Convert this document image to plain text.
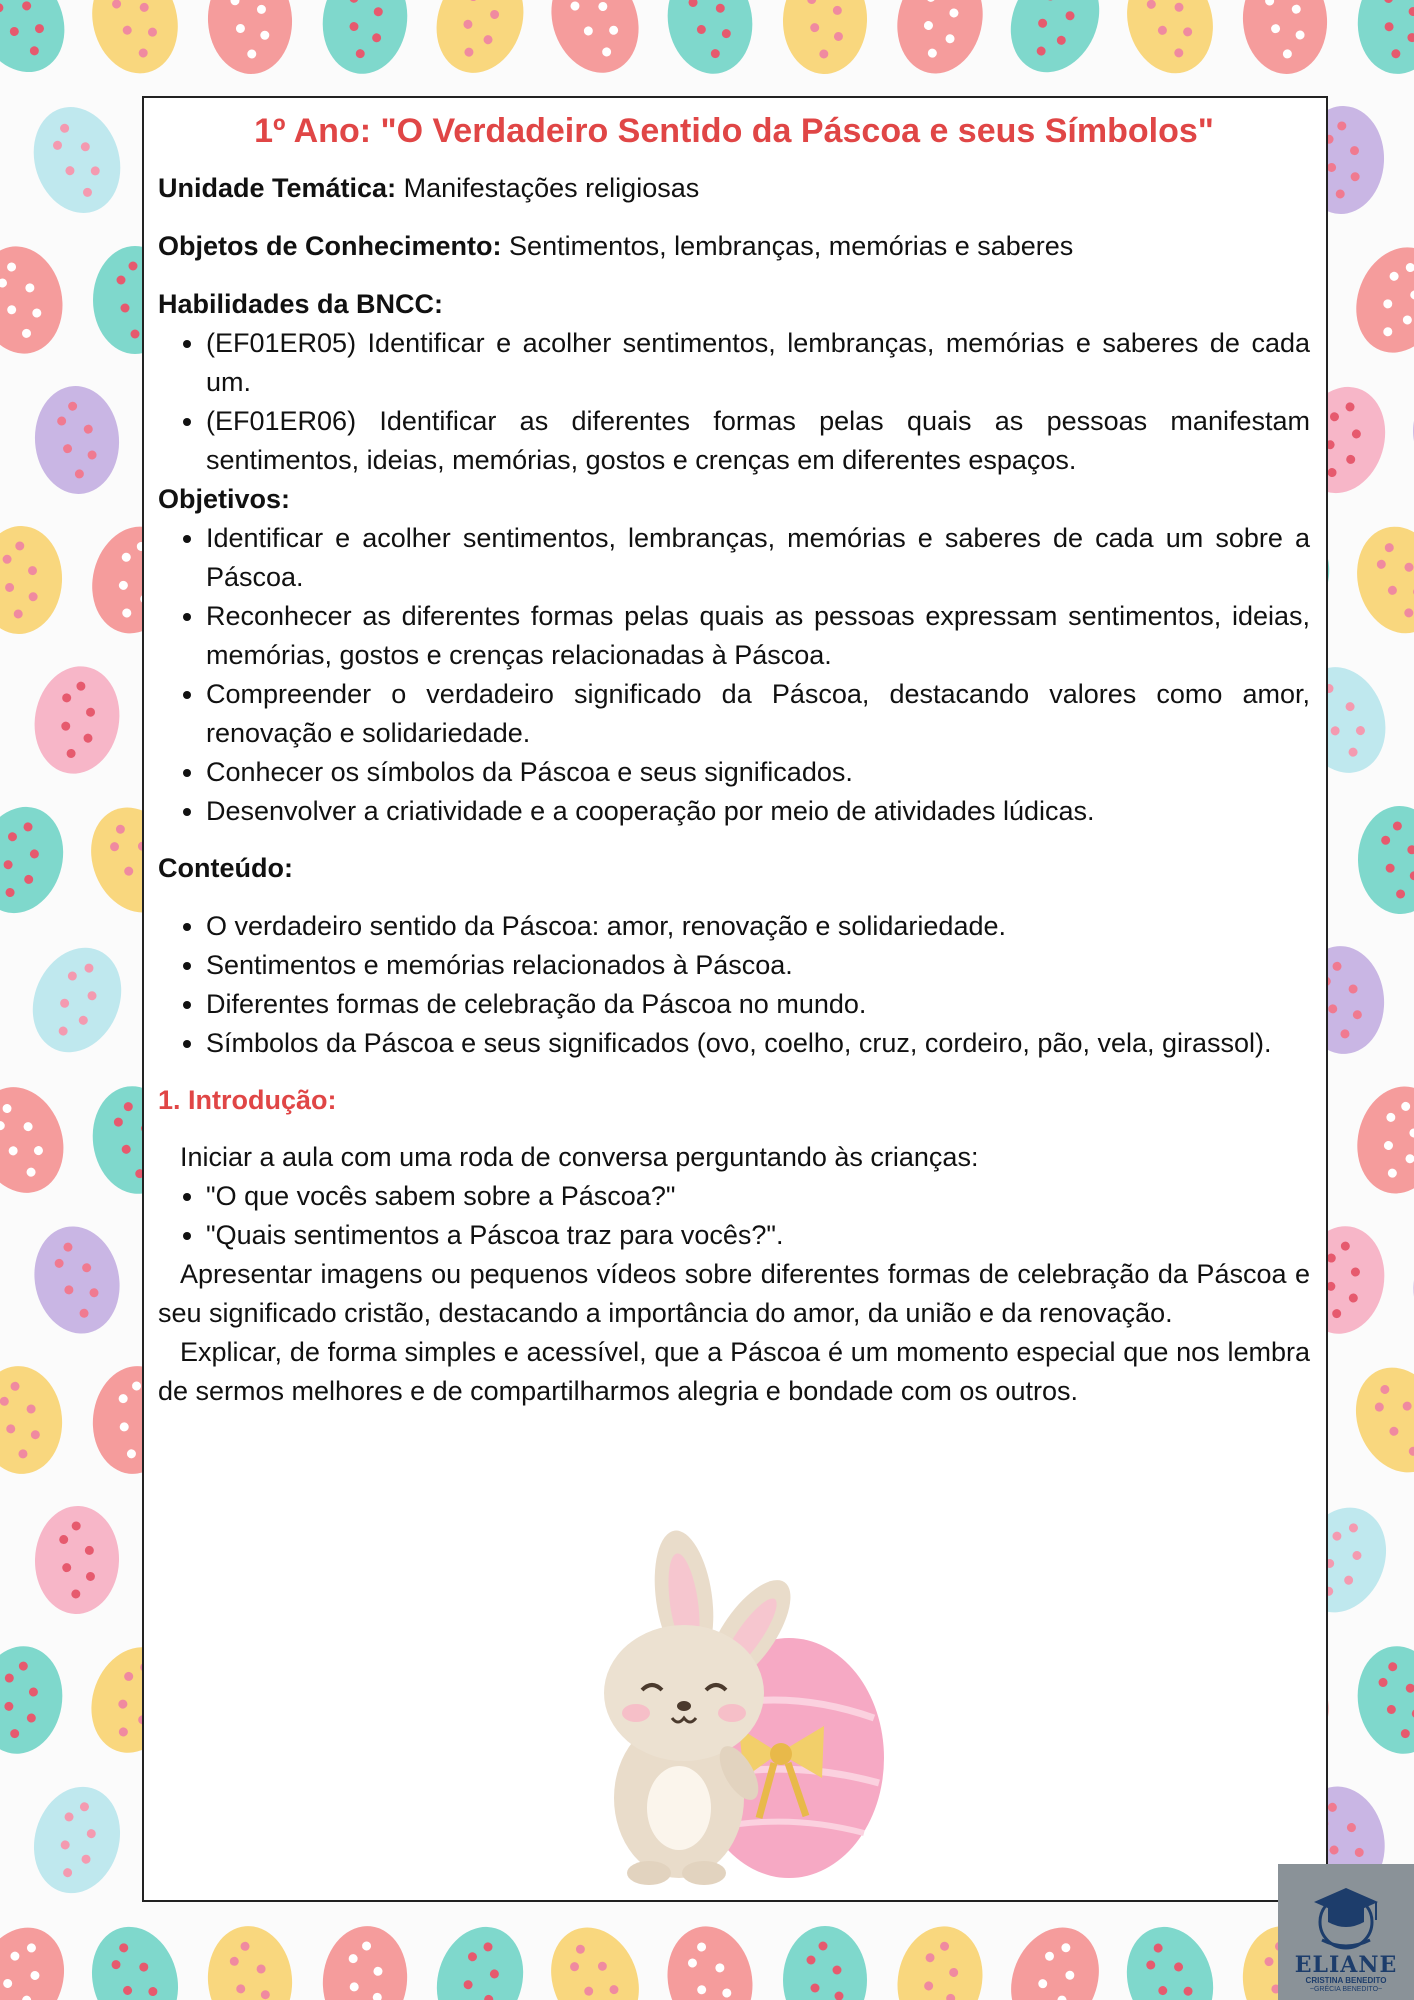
1º Ano: "O Verdadeiro Sentido da Páscoa e seus Símbolos"

Unidade Temática: Manifestações religiosas

Objetos de Conhecimento: Sentimentos, lembranças, memórias e saberes

Habilidades da BNCC:

• (EF01ER05) Identificar e acolher sentimentos, lembranças, memórias e saberes de cada um.
• (EF01ER06) Identificar as diferentes formas pelas quais as pessoas manifestam sentimentos, ideias, memórias, gostos e crenças em diferentes espaços.

Objetivos:

• Identificar e acolher sentimentos, lembranças, memórias e saberes de cada um sobre a Páscoa.
• Reconhecer as diferentes formas pelas quais as pessoas expressam sentimentos, ideias, memórias, gostos e crenças relacionadas à Páscoa.
• Compreender o verdadeiro significado da Páscoa, destacando valores como amor, renovação e solidariedade.
• Conhecer os símbolos da Páscoa e seus significados.
• Desenvolver a criatividade e a cooperação por meio de atividades lúdicas.

Conteúdo:

• O verdadeiro sentido da Páscoa: amor, renovação e solidariedade.
• Sentimentos e memórias relacionados à Páscoa.
• Diferentes formas de celebração da Páscoa no mundo.
• Símbolos da Páscoa e seus significados (ovo, coelho, cruz, cordeiro, pão, vela, girassol).

1. Introdução:

Iniciar a aula com uma roda de conversa perguntando às crianças:

• "O que vocês sabem sobre a Páscoa?"
• "Quais sentimentos a Páscoa traz para vocês?".

Apresentar imagens ou pequenos vídeos sobre diferentes formas de celebração da Páscoa e seu significado cristão, destacando a importância do amor, da união e da renovação.

Explicar, de forma simples e acessível, que a Páscoa é um momento especial que nos lembra de sermos melhores e de compartilharmos alegria e bondade com os outros.

ELIANE
CRISTINA BENEDITO
~GRÉCIA BENEDITO~
